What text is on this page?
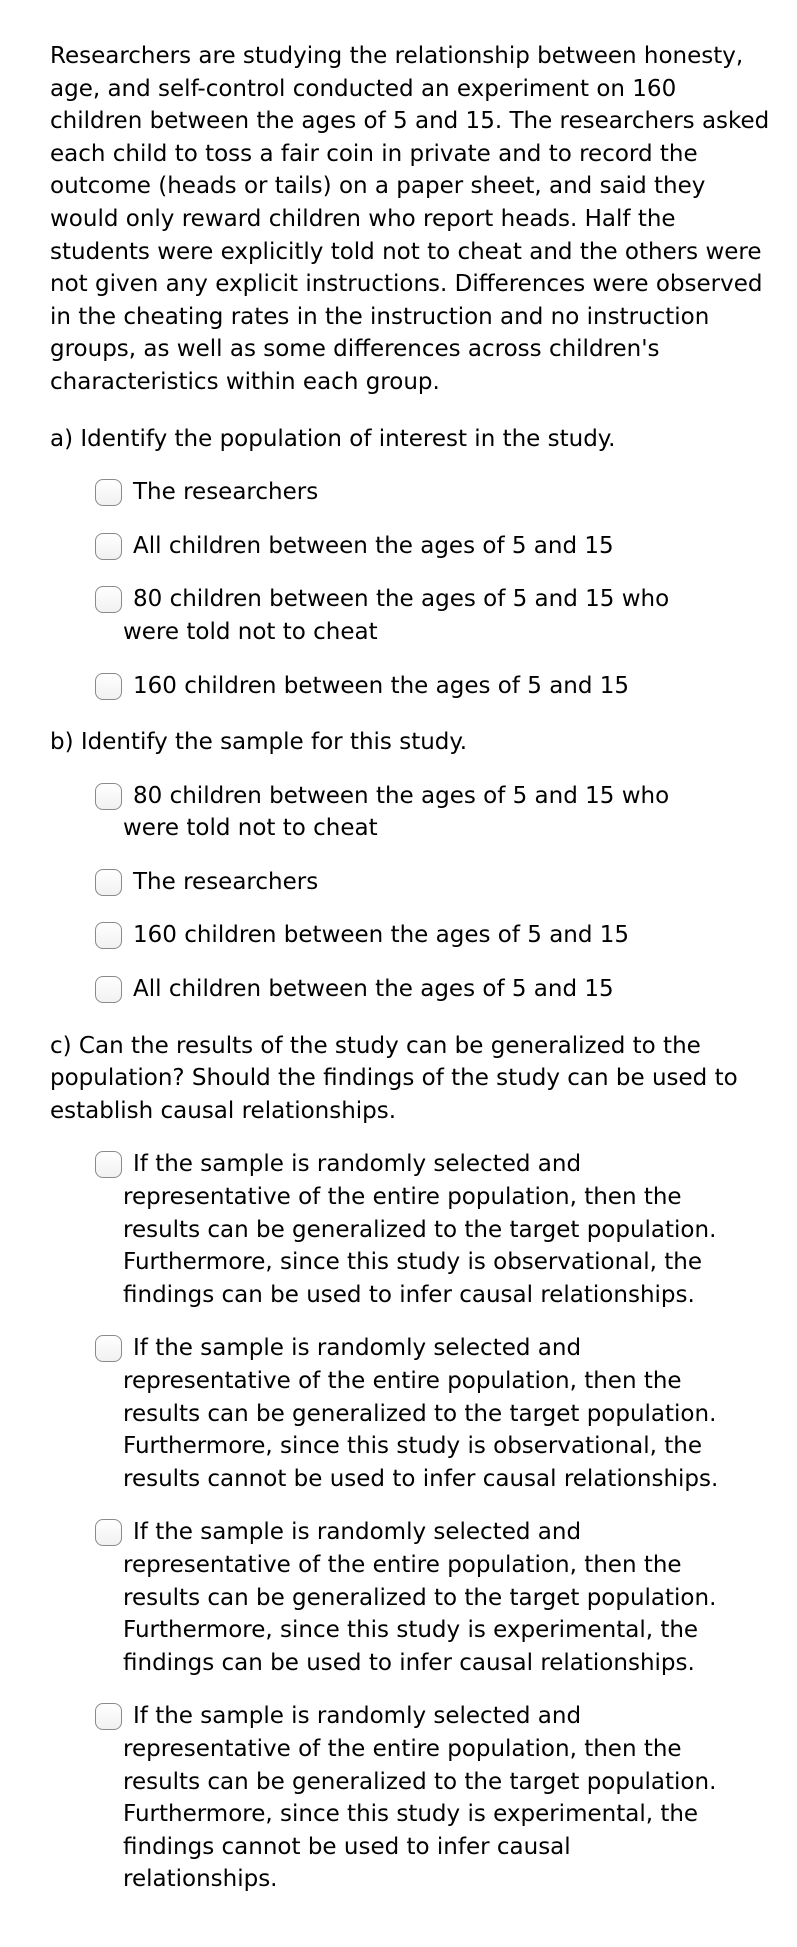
Researchers are studying the relationship between honesty, age, and self-control conducted an experiment on 160 children between the ages of 5 and 15. The researchers asked each child to toss a fair coin in private and to record the outcome (heads or tails) on a paper sheet, and said they would only reward children who report heads. Half the students were explicitly told not to cheat and the others were not given any explicit instructions. Differences were observed in the cheating rates in the instruction and no instruction groups, as well as some differences across children's characteristics within each group.

a) Identify the population of interest in the study.

The researchers
All children between the ages of 5 and 15
80 children between the ages of 5 and 15 who were told not to cheat
160 children between the ages of 5 and 15

b) Identify the sample for this study.

80 children between the ages of 5 and 15 who were told not to cheat
The researchers
160 children between the ages of 5 and 15
All children between the ages of 5 and 15

c) Can the results of the study can be generalized to the population? Should the findings of the study can be used to establish causal relationships.

If the sample is randomly selected and representative of the entire population, then the results can be generalized to the target population. Furthermore, since this study is observational, the findings can be used to infer causal relationships.
If the sample is randomly selected and representative of the entire population, then the results can be generalized to the target population. Furthermore, since this study is observational, the results cannot be used to infer causal relationships.
If the sample is randomly selected and representative of the entire population, then the results can be generalized to the target population. Furthermore, since this study is experimental, the findings can be used to infer causal relationships.
If the sample is randomly selected and representative of the entire population, then the results can be generalized to the target population. Furthermore, since this study is experimental, the findings cannot be used to infer causal relationships.
